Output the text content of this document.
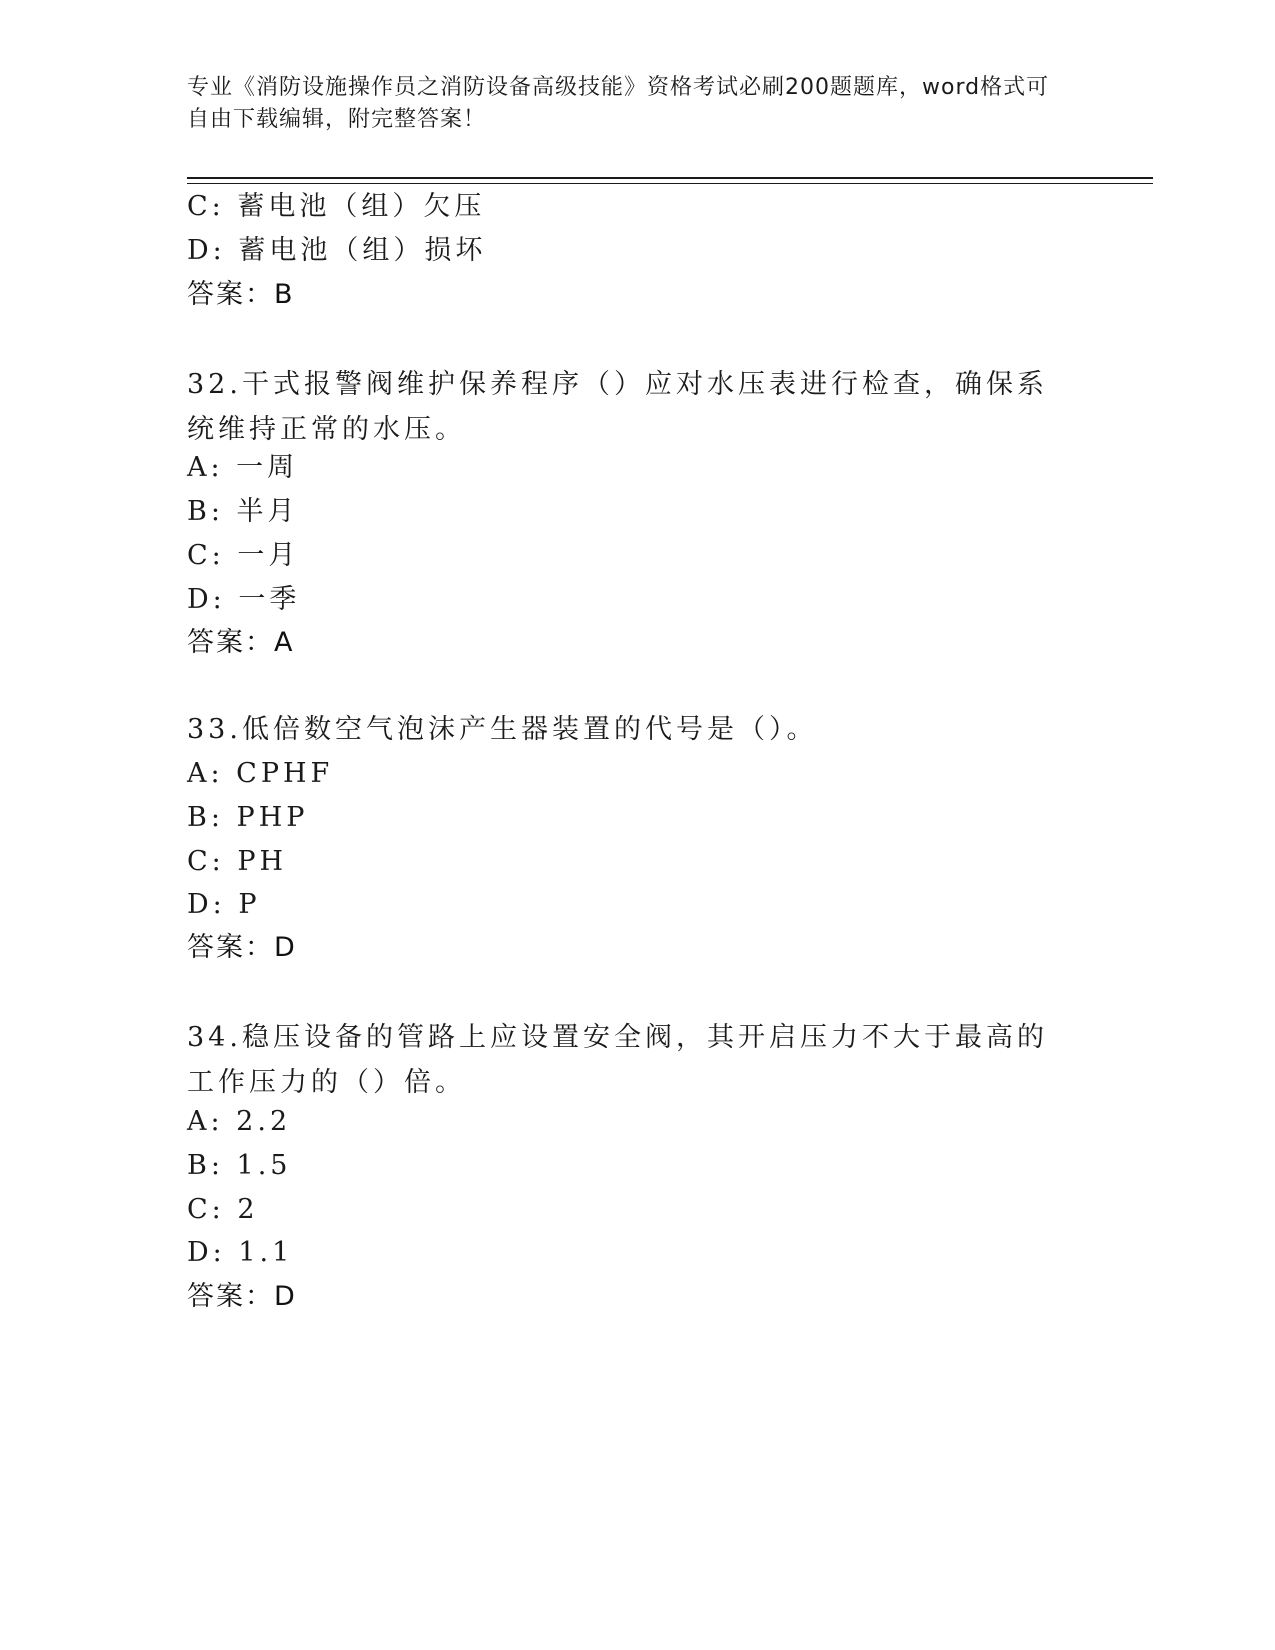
专业《消防设施操作员之消防设备高级技能》资格考试必刷200题题库，word格式可自由下载编辑，附完整答案！
C: 蓄电池（组）欠压
D: 蓄电池（组）损坏
答案：B
32.干式报警阀维护保养程序（）应对水压表进行检查，确保系统维持正常的水压。
A: 一周
B: 半月
C: 一月
D: 一季
答案：A
33.低倍数空气泡沫产生器装置的代号是（）。
A: CPHF
B: PHP
C: PH
D: P
答案：D
34.稳压设备的管路上应设置安全阀，其开启压力不大于最高的工作压力的（）倍。
A: 2.2
B: 1.5
C: 2
D: 1.1
答案：D
